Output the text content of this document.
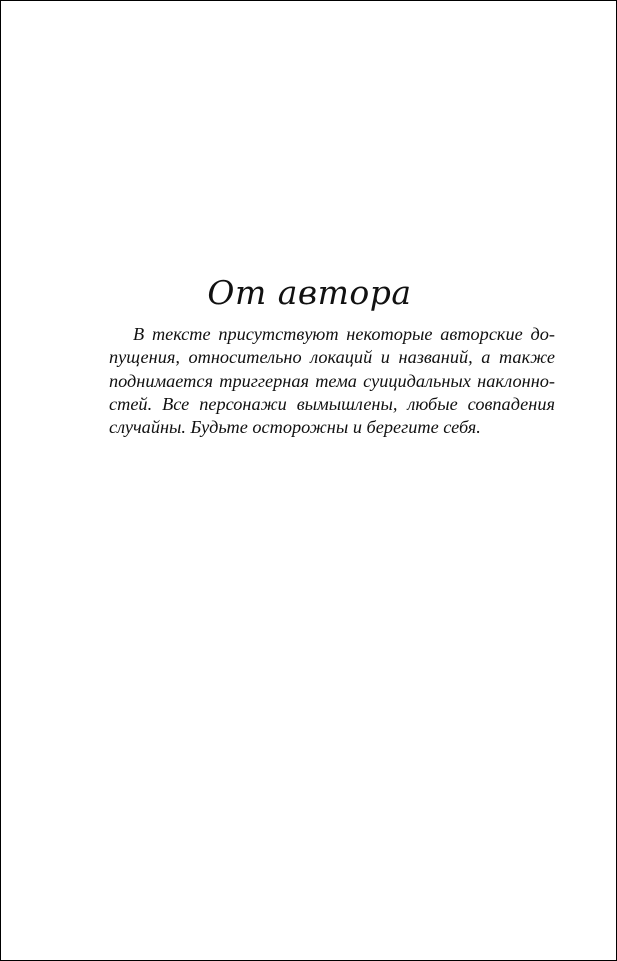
От автора

В тексте присутствуют некоторые авторские до-
пущения, относительно локаций и названий, а также
поднимается триггерная тема суицидальных наклонно-
стей. Все персонажи вымышлены, любые совпадения
случайны. Будьте осторожны и берегите себя.
